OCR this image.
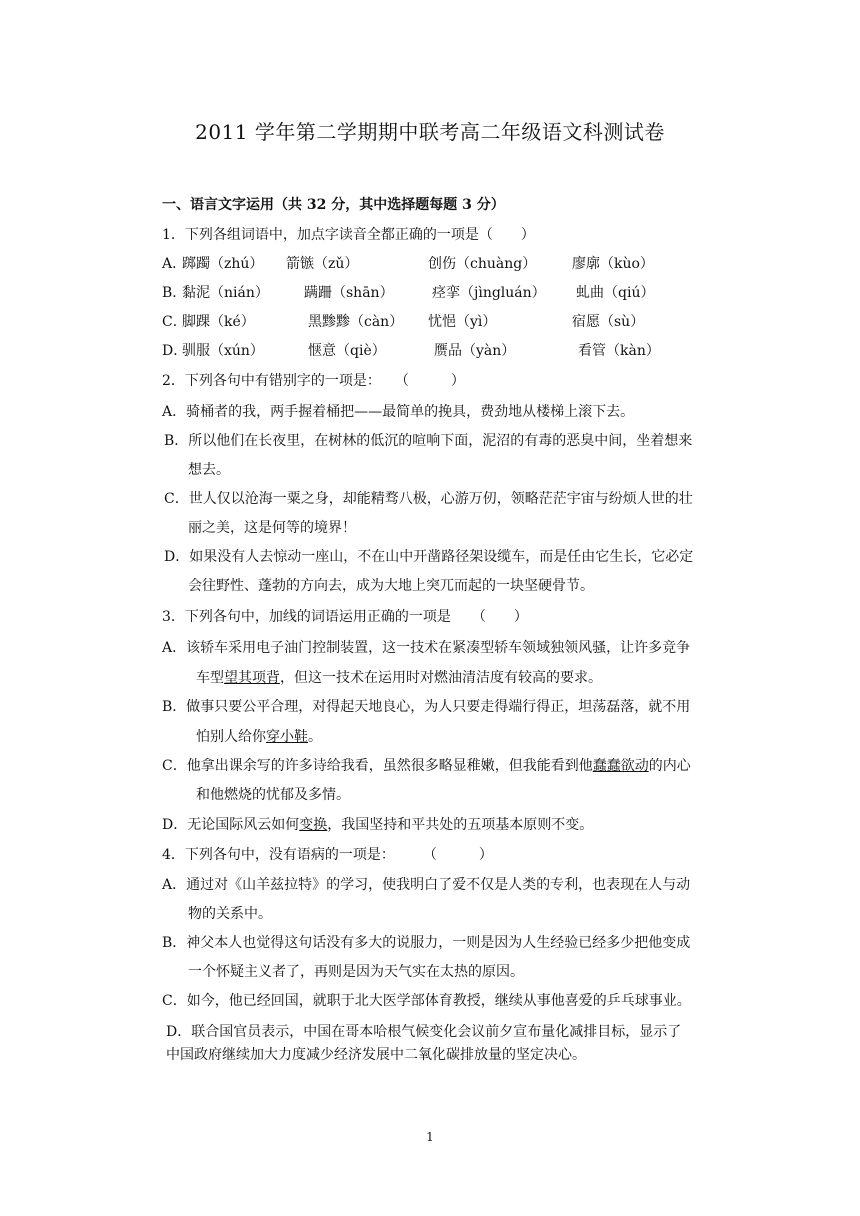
2011 学年第二学期期中联考高二年级语文科测试卷
一、语言文字运用（共 32 分，其中选择题每题 3 分）
1．下列各组词语中，加点字读音全都正确的一项是（　　）
A．
踯躅（zhú） 箭镞（zǔ）	创伤（chuàng）	廖廓（kùo）
B．
黏泥（nián）	蹒跚（shān）	痉挛（jìngluán） 虬曲（qiú）
C．
脚踝（ké）	黑黪黪（càn） 忧悒（yì）	宿愿（sù）
D．
驯服（xún）	惬意（qiè）	赝品（yàn）	看管（kàn）
2．下列各句中有错别字的一项是：　　（　　　）
A．骑桶者的我，两手握着桶把——最简单的挽具，费劲地从楼梯上滚下去。
B．所以他们在长夜里，在树林的低沉的喧响下面，泥沼的有毒的恶臭中间，坐着想来
想去。
C．世人仅以沧海一粟之身，却能精骛八极，心游万仞，领略茫茫宇宙与纷烦人世的壮
丽之美，这是何等的境界！
D．如果没有人去惊动一座山，不在山中开凿路径架设缆车，而是任由它生长，它必定
会往野性、蓬勃的方向去，成为大地上突兀而起的一块坚硬骨节。
3．下列各句中，加线的词语运用正确的一项是　　（　　）
A．该轿车采用电子油门控制装置，这一技术在紧凑型轿车领域独领风骚，让许多竞争
车型望其项背，但这一技术在运用时对燃油清洁度有较高的要求。
B．做事只要公平合理，对得起天地良心，为人只要走得端行得正，坦荡磊落，就不用
怕别人给你穿小鞋。
C．他拿出课余写的许多诗给我看，虽然很多略显稚嫩，但我能看到他蠢蠢欲动的内心
和他燃烧的忧郁及多情。
D．无论国际风云如何变换，我国坚持和平共处的五项基本原则不变。
4．下列各句中，没有语病的一项是：　　　（　　　）
A．通过对《山羊兹拉特》的学习，使我明白了爱不仅是人类的专利，也表现在人与动
物的关系中。
B．神父本人也觉得这句话没有多大的说服力，一则是因为人生经验已经多少把他变成
一个怀疑主义者了，再则是因为天气实在太热的原因。
C．如今，他已经回国，就职于北大医学部体育教授，继续从事他喜爱的乒乓球事业。
D．联合国官员表示，中国在哥本哈根气候变化会议前夕宣布量化减排目标，显示了
中国政府继续加大力度减少经济发展中二氧化碳排放量的坚定决心。
1
